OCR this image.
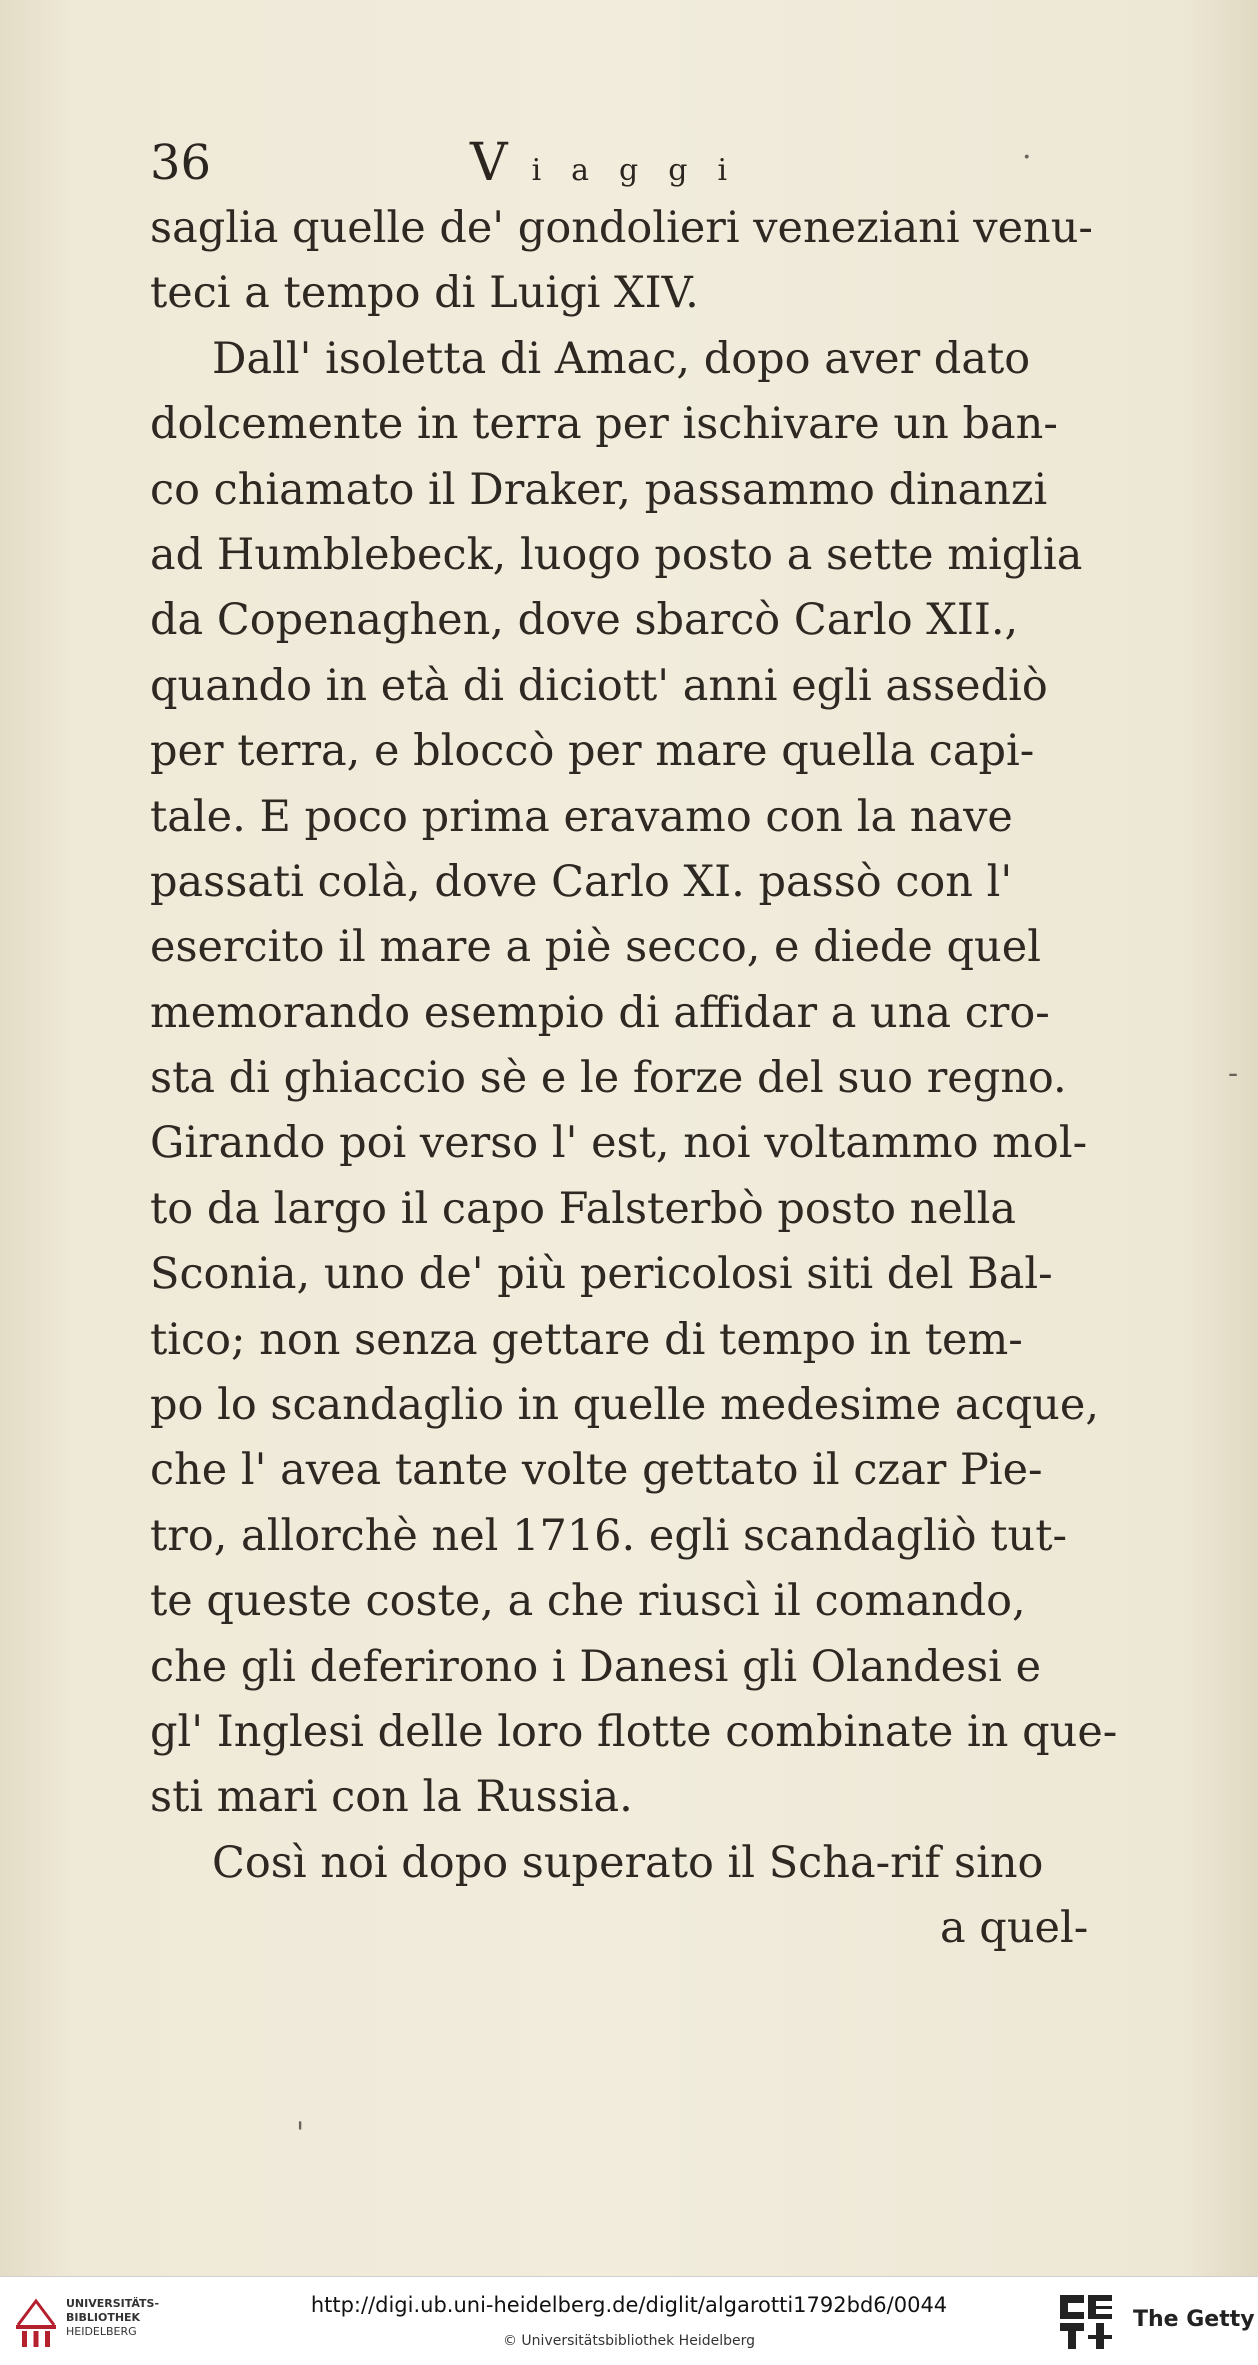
36	Viaggi
saglia quelle de' gondolieri veneziani venu-
teci a tempo di Luigi XIV.
Dall' isoletta di Amac, dopo aver dato
dolcemente in terra per ischivare un ban-
co chiamato il Draker, passammo dinanzi
ad Humblebeck, luogo posto a sette miglia
da Copenaghen, dove sbarcò Carlo XII.,
quando in età di diciott' anni egli assediò
per terra, e bloccò per mare quella capi-
tale. E poco prima eravamo con la nave
passati colà, dove Carlo XI. passò con l'
esercito il mare a piè secco, e diede quel
memorando esempio di affidar a una cro-
sta di ghiaccio sè e le forze del suo regno.
Girando poi verso l' est, noi voltammo mol-
to da largo il capo Falsterbò posto nella
Sconia, uno de' più pericolosi siti del Bal-
tico; non senza gettare di tempo in tem-
po lo scandaglio in quelle medesime acque,
che l' avea tante volte gettato il czar Pie-
tro, allorchè nel 1716. egli scandagliò tut-
te queste coste, a che riuscì il comando,
che gli deferirono i Danesi gli Olandesi e
gl' Inglesi delle loro flotte combinate in que-
sti mari con la Russia.
Così noi dopo superato il Scha-rif sino
a quel-
·
-
'
UNIVERSITÄTS-
BIBLIOTHEK
HEIDELBERG
http://digi.ub.uni-heidelberg.de/diglit/algarotti1792bd6/0044
© Universitätsbibliothek Heidelberg
The Getty
